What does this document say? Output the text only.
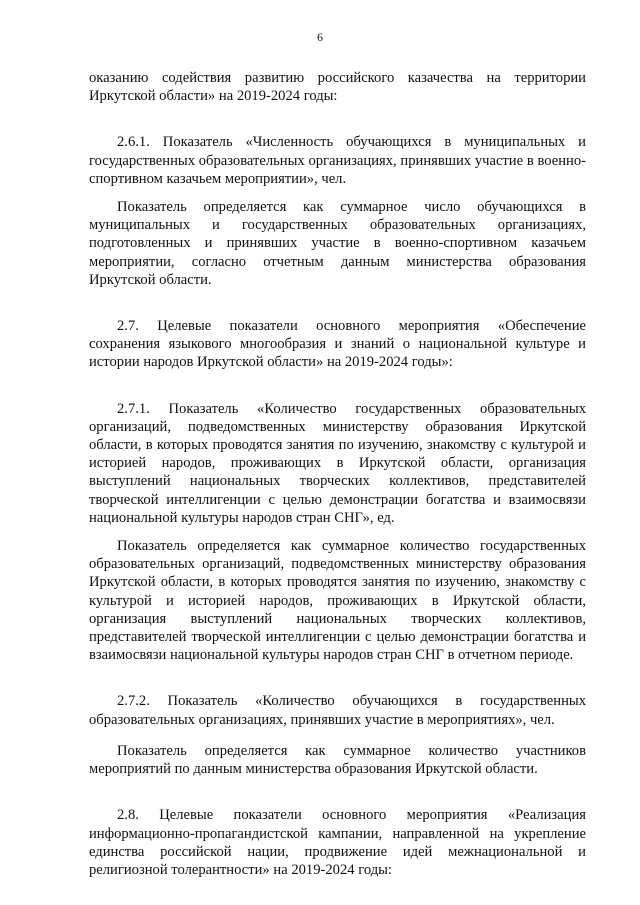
6

оказанию содействия развитию российского казачества на территории Иркутской области» на 2019-2024 годы:

2.6.1. Показатель «Численность обучающихся в муниципальных и государственных образовательных организациях, принявших участие в военно-спортивном казачьем мероприятии», чел.

Показатель определяется как суммарное число обучающихся в муниципальных и государственных образовательных организациях, подготовленных и принявших участие в военно-спортивном казачьем мероприятии, согласно отчетным данным министерства образования Иркутской области.

2.7. Целевые показатели основного мероприятия «Обеспечение сохранения языкового многообразия и знаний о национальной культуре и истории народов Иркутской области» на 2019-2024 годы»:

2.7.1. Показатель «Количество государственных образовательных организаций, подведомственных министерству образования Иркутской области, в которых проводятся занятия по изучению, знакомству с культурой и историей народов, проживающих в Иркутской области, организация выступлений национальных творческих коллективов, представителей творческой интеллигенции с целью демонстрации богатства и взаимосвязи национальной культуры народов стран СНГ», ед.

Показатель определяется как суммарное количество государственных образовательных организаций, подведомственных министерству образования Иркутской области, в которых проводятся занятия по изучению, знакомству с культурой и историей народов, проживающих в Иркутской области, организация выступлений национальных творческих коллективов, представителей творческой интеллигенции с целью демонстрации богатства и взаимосвязи национальной культуры народов стран СНГ в отчетном периоде.

2.7.2. Показатель «Количество обучающихся в государственных образовательных организациях, принявших участие в мероприятиях», чел.

Показатель определяется как суммарное количество участников мероприятий по данным министерства образования Иркутской области.

2.8. Целевые показатели основного мероприятия «Реализация информационно-пропагандистской кампании, направленной на укрепление единства российской нации, продвижение идей межнациональной и религиозной толерантности» на 2019-2024 годы:
